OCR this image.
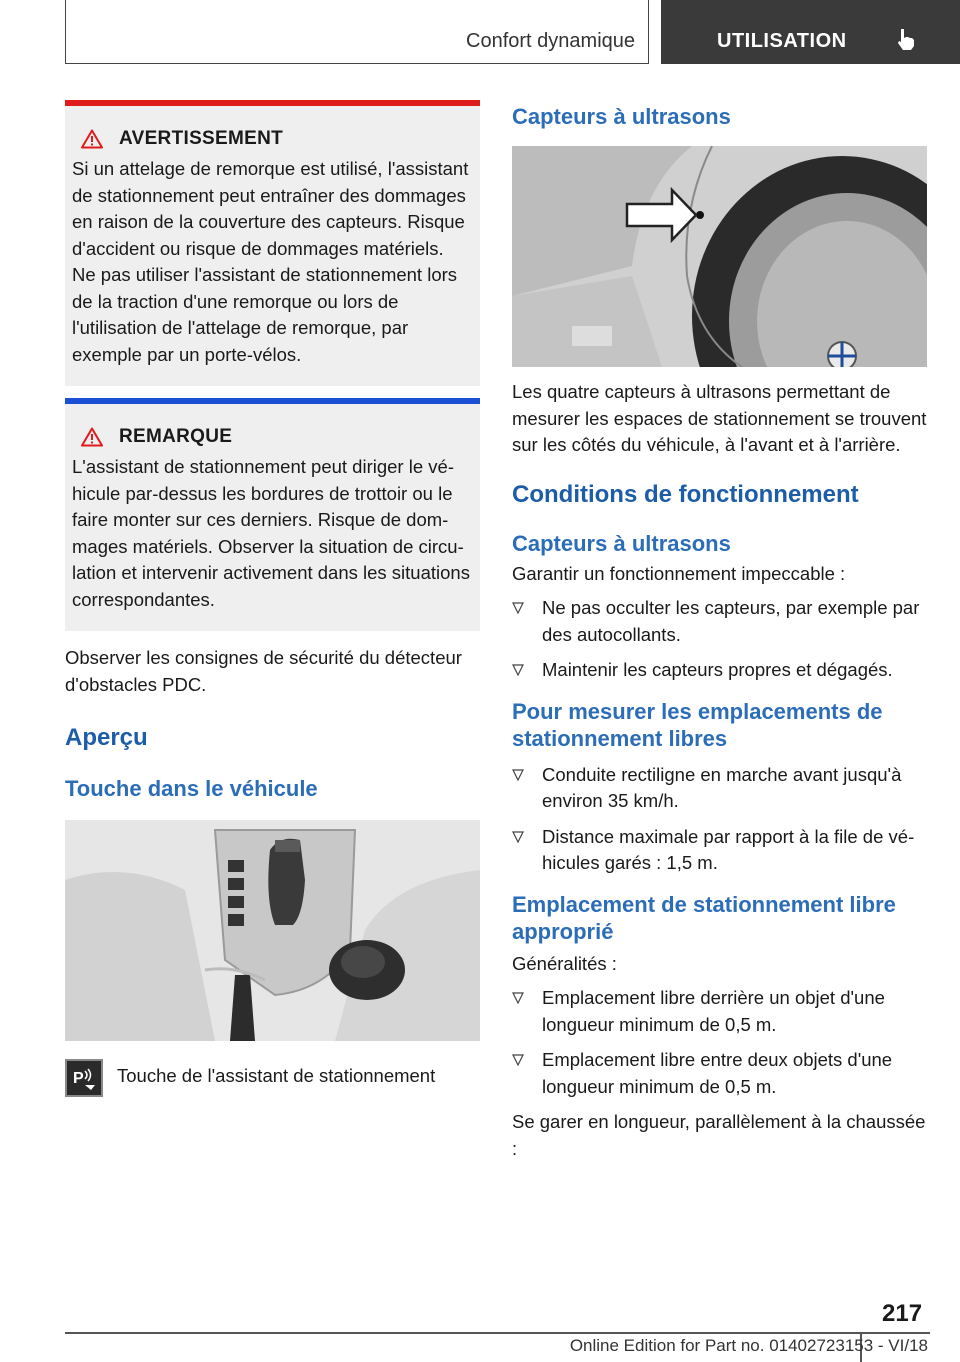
Confort dynamique	UTILISATION
AVERTISSEMENT

Si un attelage de remorque est utilisé, l'assistant de stationnement peut entraîner des dommages en raison de la couverture des capteurs. Risque d'accident ou risque de dommages matériels. Ne pas utiliser l'assistant de stationnement lors de la traction d'une remorque ou lors de l'utilisation de l'attelage de remorque, par exemple par un porte-vélos.

REMARQUE

L'assistant de stationnement peut diriger le véhicule par-dessus les bordures de trottoir ou le faire monter sur ces derniers. Risque de dommages matériels. Observer la situation de circulation et intervenir activement dans les situations correspondantes.

Observer les consignes de sécurité du détecteur d'obstacles PDC.

Aperçu
Touche dans le véhicule
P Touche de l'assistant de stationnement

Capteurs à ultrasons

Les quatre capteurs à ultrasons permettant de mesurer les espaces de stationnement se trouvent sur les côtés du véhicule, à l'avant et à l'arrière.

Conditions de fonctionnement
Capteurs à ultrasons

Garantir un fonctionnement impeccable :

Ne pas occulter les capteurs, par exemple par des autocollants.
Maintenir les capteurs propres et dégagés.
Pour mesurer les emplacements de stationnement libres
Conduite rectiligne en marche avant jusqu'à environ 35 km/h.
Distance maximale par rapport à la file de véhicules garés : 1,5 m.
Emplacement de stationnement libre approprié

Généralités :

Emplacement libre derrière un objet d'une longueur minimum de 0,5 m.
Emplacement libre entre deux objets d'une longueur minimum de 0,5 m.

Se garer en longueur, parallèlement à la chaussée :

217
Online Edition for Part no. 01402723153 - VI/18
